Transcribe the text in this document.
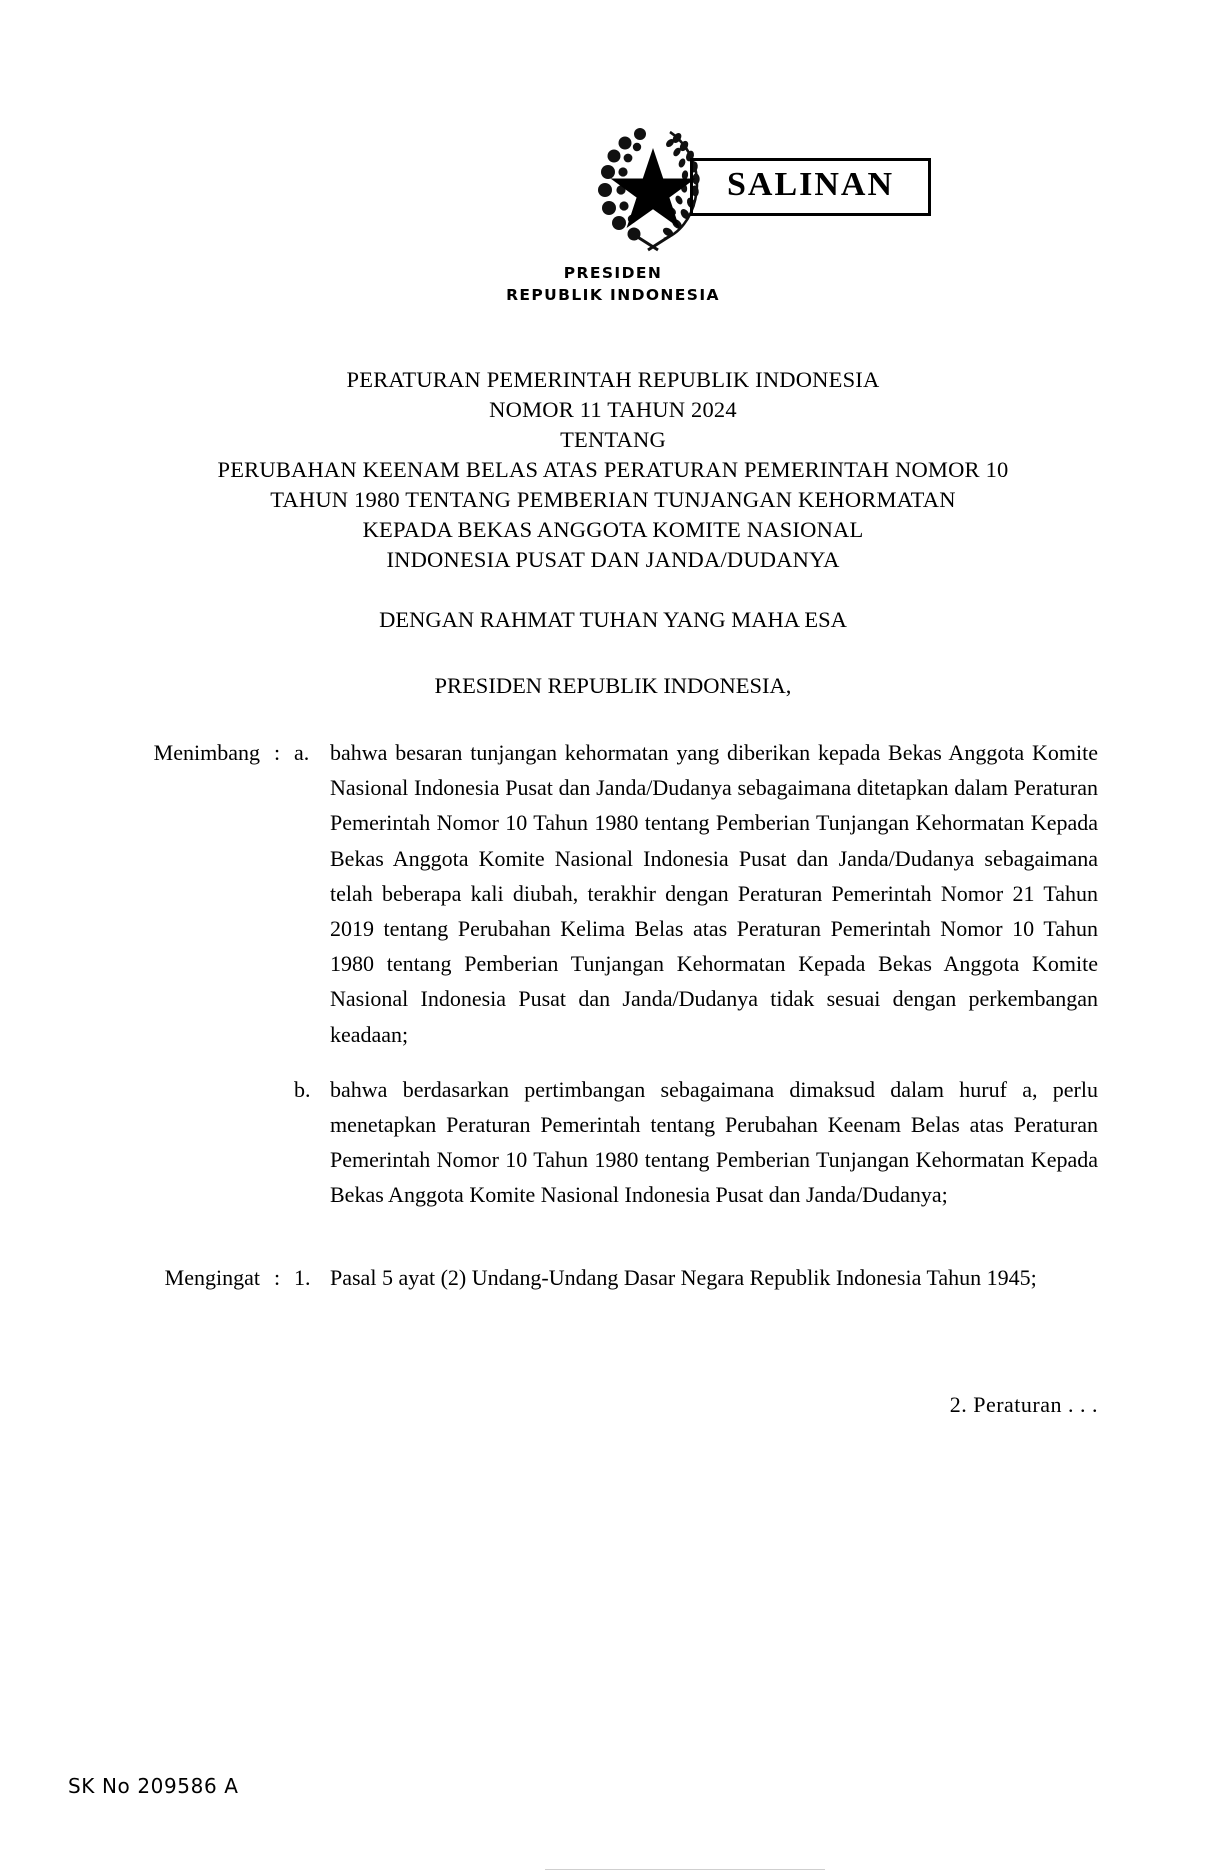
SALINAN
PRESIDEN
REPUBLIK INDONESIA
PERATURAN PEMERINTAH REPUBLIK INDONESIA
NOMOR 11 TAHUN 2024
TENTANG
PERUBAHAN KEENAM BELAS ATAS PERATURAN PEMERINTAH NOMOR 10
TAHUN 1980 TENTANG PEMBERIAN TUNJANGAN KEHORMATAN
KEPADA BEKAS ANGGOTA KOMITE NASIONAL
INDONESIA PUSAT DAN JANDA/DUDANYA
DENGAN RAHMAT TUHAN YANG MAHA ESA
PRESIDEN REPUBLIK INDONESIA,
Menimbang : a. bahwa besaran tunjangan kehormatan yang diberikan kepada Bekas Anggota Komite Nasional Indonesia Pusat dan Janda/Dudanya sebagaimana ditetapkan dalam Peraturan Pemerintah Nomor 10 Tahun 1980 tentang Pemberian Tunjangan Kehormatan Kepada Bekas Anggota Komite Nasional Indonesia Pusat dan Janda/Dudanya sebagaimana telah beberapa kali diubah, terakhir dengan Peraturan Pemerintah Nomor 21 Tahun 2019 tentang Perubahan Kelima Belas atas Peraturan Pemerintah Nomor 10 Tahun 1980 tentang Pemberian Tunjangan Kehormatan Kepada Bekas Anggota Komite Nasional Indonesia Pusat dan Janda/Dudanya tidak sesuai dengan perkembangan keadaan;
b. bahwa berdasarkan pertimbangan sebagaimana dimaksud dalam huruf a, perlu menetapkan Peraturan Pemerintah tentang Perubahan Keenam Belas atas Peraturan Pemerintah Nomor 10 Tahun 1980 tentang Pemberian Tunjangan Kehormatan Kepada Bekas Anggota Komite Nasional Indonesia Pusat dan Janda/Dudanya;
Mengingat : 1. Pasal 5 ayat (2) Undang-Undang Dasar Negara Republik Indonesia Tahun 1945;
2. Peraturan . . .
SK No 209586 A
